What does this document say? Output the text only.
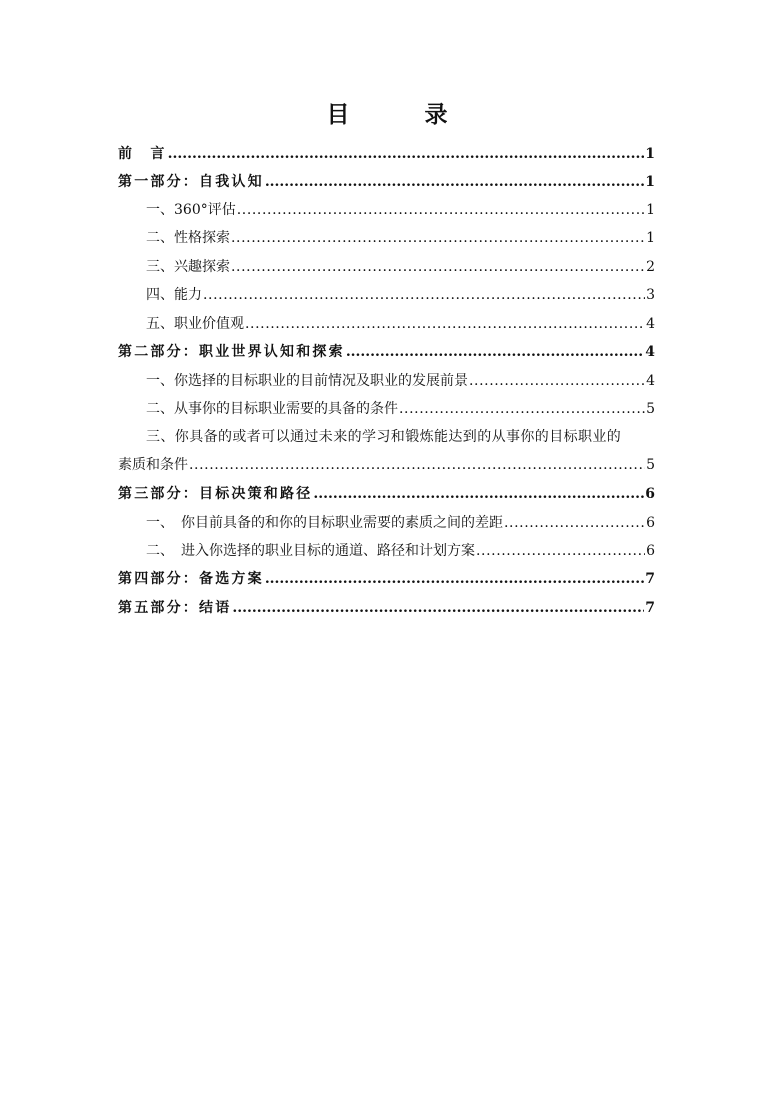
目　录
前　言 .....	1
第一部分：自我认知 .....	1
一、360°评估 .....	1
二、性格探索 .....	1
三、兴趣探索 .....	2
四、能力 .....	3
五、职业价值观 .....	4
第二部分：职业世界认知和探索 .....	4
一、你选择的目标职业的目前情况及职业的发展前景 .....	4
二、从事你的目标职业需要的具备的条件 .....	5
三、你具备的或者可以通过未来的学习和锻炼能达到的从事你的目标职业的
素质和条件 .....	5
第三部分：目标决策和路径 .....	6
一、　你目前具备的和你的目标职业需要的素质之间的差距 .....	6
二、　进入你选择的职业目标的通道、路径和计划方案 .....	6
第四部分：备选方案 .....	7
第五部分：结语 .....	7
